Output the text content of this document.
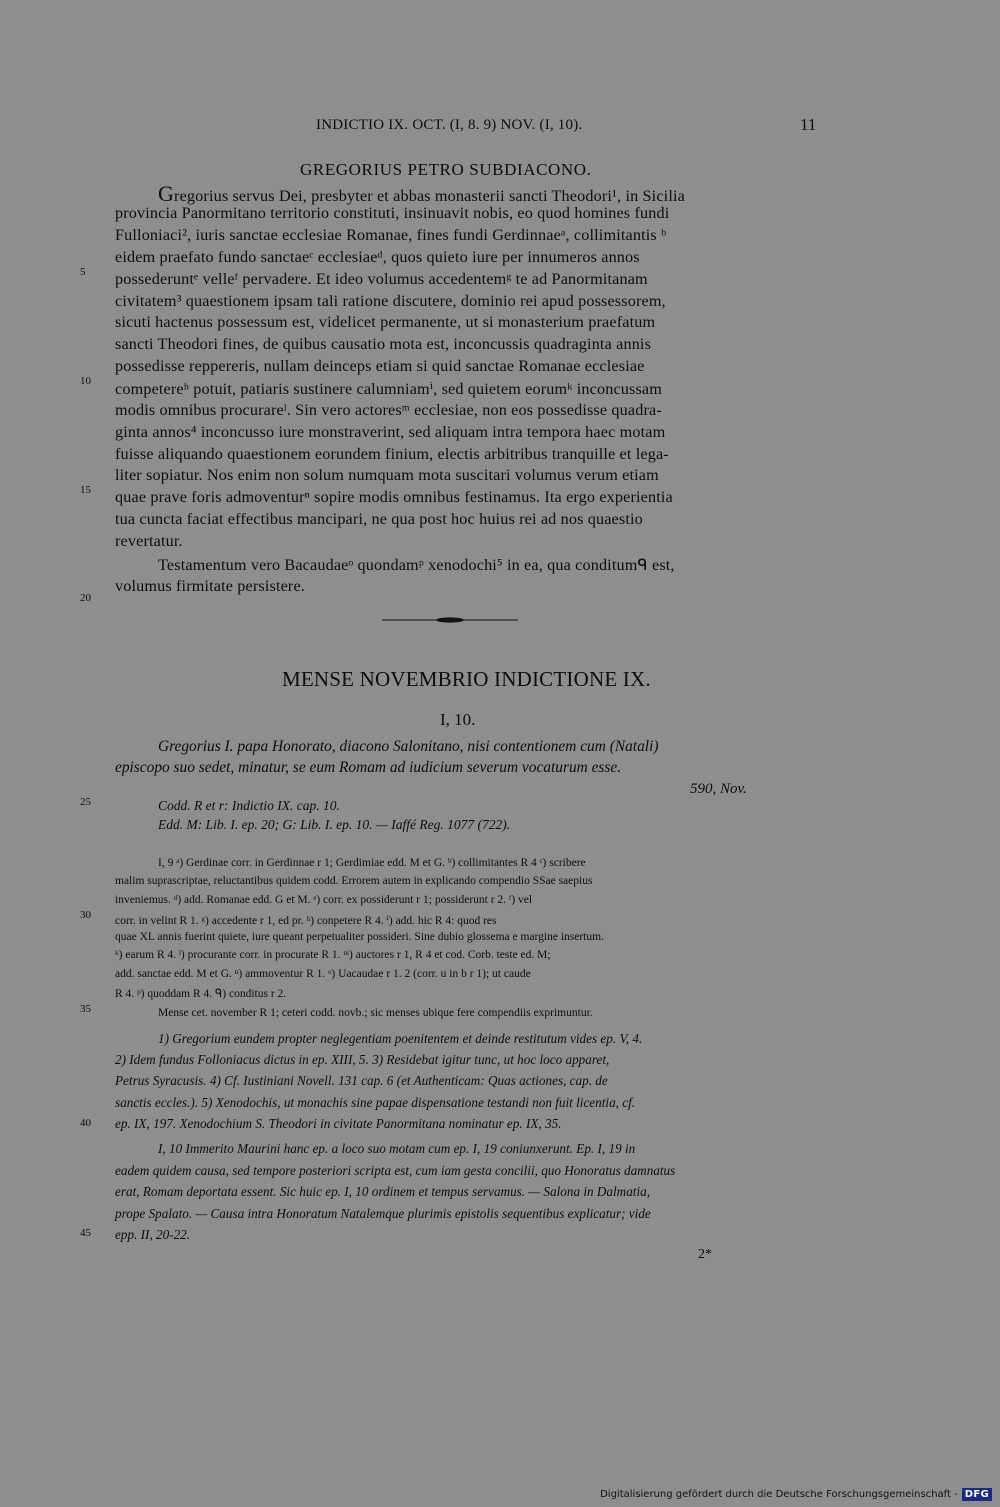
INDICTIO IX. OCT. (I, 8. 9) NOV. (I, 10).	11
GREGORIUS PETRO SUBDIACONO.
Gregorius servus Dei, presbyter et abbas monasterii sancti Theodori¹, in Sicilia
provincia Panormitano territorio constituti, insinuavit nobis, eo quod homines fundi
Fulloniaci², iuris sanctae ecclesiae Romanae, fines fundi Gerdinnaeᵃ, collimitantis ᵇ
eidem praefato fundo sanctaeᶜ ecclesiaeᵈ, quos quieto iure per innumeros annos
possederuntᵉ velleᶠ pervadere. Et ideo volumus accedentemᵍ te ad Panormitanam
civitatem³ quaestionem ipsam tali ratione discutere, dominio rei apud possessorem,
sicuti hactenus possessum est, videlicet permanente, ut si monasterium praefatum
sancti Theodori fines, de quibus causatio mota est, inconcussis quadraginta annis
possedisse reppereris, nullam deinceps etiam si quid sanctae Romanae ecclesiae
competereʰ potuit, patiaris sustinere calumniamⁱ, sed quietem eorumᵏ inconcussam
modis omnibus procurareˡ. Sin vero actoresᵐ ecclesiae, non eos possedisse quadra-
ginta annos⁴ inconcusso iure monstraverint, sed aliquam intra tempora haec motam
fuisse aliquando quaestionem eorundem finium, electis arbitribus tranquille et lega-
liter sopiatur. Nos enim non solum numquam mota suscitari volumus verum etiam
quae prave foris admoventurⁿ sopire modis omnibus festinamus. Ita ergo experientia
tua cuncta faciat effectibus mancipari, ne qua post hoc huius rei ad nos quaestio
revertatur.
Testamentum vero Bacaudaeᵒ quondamᵖ xenodochi⁵ in ea, qua conditumᑫ est,
volumus firmitate persistere.
5
10
15
20
25
30
35
40
45
MENSE NOVEMBRIO INDICTIONE IX.
I, 10.
Gregorius I. papa Honorato, diacono Salonitano, nisi contentionem cum (Natali)
episcopo suo sedet, minatur, se eum Romam ad iudicium severum vocaturum esse.
590, Nov.
Codd. R et r: Indictio IX. cap. 10.
Edd. M: Lib. I. ep. 20; G: Lib. I. ep. 10. — Iaffé Reg. 1077 (722).
I, 9 ᵃ) Gerdinae corr. in Gerdinnae r 1; Gerdimiae edd. M et G. ᵇ) collimitantes R 4 ᶜ) scribere
malim suprascriptae, reluctantibus quidem codd. Errorem autem in explicando compendio SSae saepius
inveniemus. ᵈ) add. Romanae edd. G et M. ᵉ) corr. ex possiderunt r 1; possiderunt r 2. ᶠ) vel
corr. in velint R 1. ᵍ) accedente r 1, ed pr. ʰ) conpetere R 4. ⁱ) add. hic R 4: quod res
quae XL annis fuerint quiete, iure queant perpetualiter possideri. Sine dubio glossema e margine insertum.
ᵏ) earum R 4. ˡ) procurante corr. in procurate R 1. ᵐ) auctores r 1, R 4 et cod. Corb. teste ed. M;
add. sanctae edd. M et G. ⁿ) ammoventur R 1. ᵒ) Uacaudae r 1. 2 (corr. u in b r 1); ut caude
R 4. ᵖ) quoddam R 4. ᑫ) conditus r 2.
Mense cet. november R 1; ceteri codd. novb.; sic menses ubique fere compendiis exprimuntur.
1) Gregorium eundem propter neglegentiam poenitentem et deinde restitutum vides ep. V, 4.
2) Idem fundus Folloniacus dictus in ep. XIII, 5. 3) Residebat igitur tunc, ut hoc loco apparet,
Petrus Syracusis. 4) Cf. Iustiniani Novell. 131 cap. 6 (et Authenticam: Quas actiones, cap. de
sanctis eccles.). 5) Xenodochis, ut monachis sine papae dispensatione testandi non fuit licentia, cf.
ep. IX, 197. Xenodochium S. Theodori in civitate Panormitana nominatur ep. IX, 35.
I, 10 Immerito Maurini hanc ep. a loco suo motam cum ep. I, 19 coniunxerunt. Ep. I, 19 in
eadem quidem causa, sed tempore posteriori scripta est, cum iam gesta concilii, quo Honoratus damnatus
erat, Romam deportata essent. Sic huic ep. I, 10 ordinem et tempus servamus. — Salona in Dalmatia,
prope Spalato. — Causa intra Honoratum Natalemque plurimis epistolis sequentibus explicatur; vide
epp. II, 20-22.
2*
Digitalisierung gefördert durch die Deutsche Forschungsgemeinschaft - DFG
